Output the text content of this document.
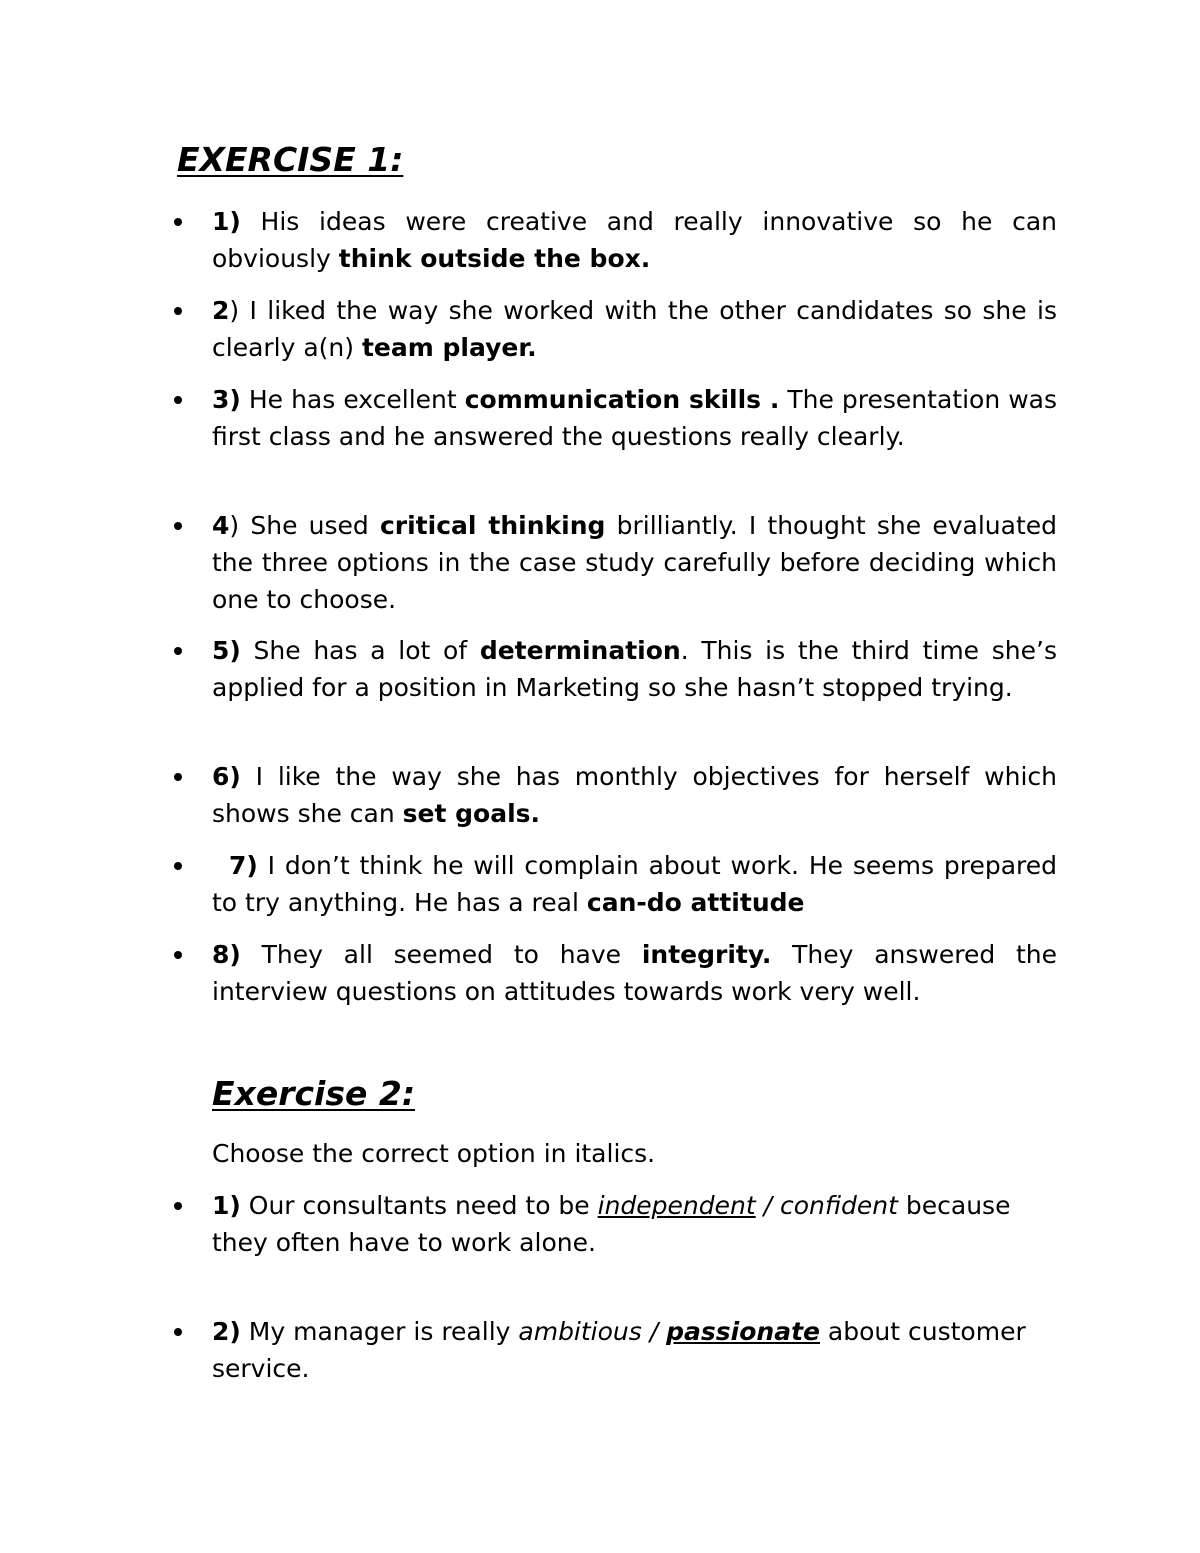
EXERCISE 1:

1) His ideas were creative and really innovative so he can obviously think outside the box.

2) I liked the way she worked with the other candidates so she is clearly a(n) team player.

3) He has excellent communication skills . The presentation was first class and he answered the questions really clearly.

4) She used critical thinking brilliantly. I thought she evaluated the three options in the case study carefully before deciding which one to choose.

5) She has a lot of determination. This is the third time she’s applied for a position in Marketing so she hasn’t stopped trying.

6) I like the way she has monthly objectives for herself which shows she can set goals.

7) I don’t think he will complain about work. He seems prepared to try anything. He has a real can-do attitude

8) They all seemed to have integrity. They answered the interview questions on attitudes towards work very well.

Exercise 2:

Choose the correct option in italics.

1) Our consultants need to be independent / confident because they often have to work alone.

2) My manager is really ambitious / passionate about customer service.
